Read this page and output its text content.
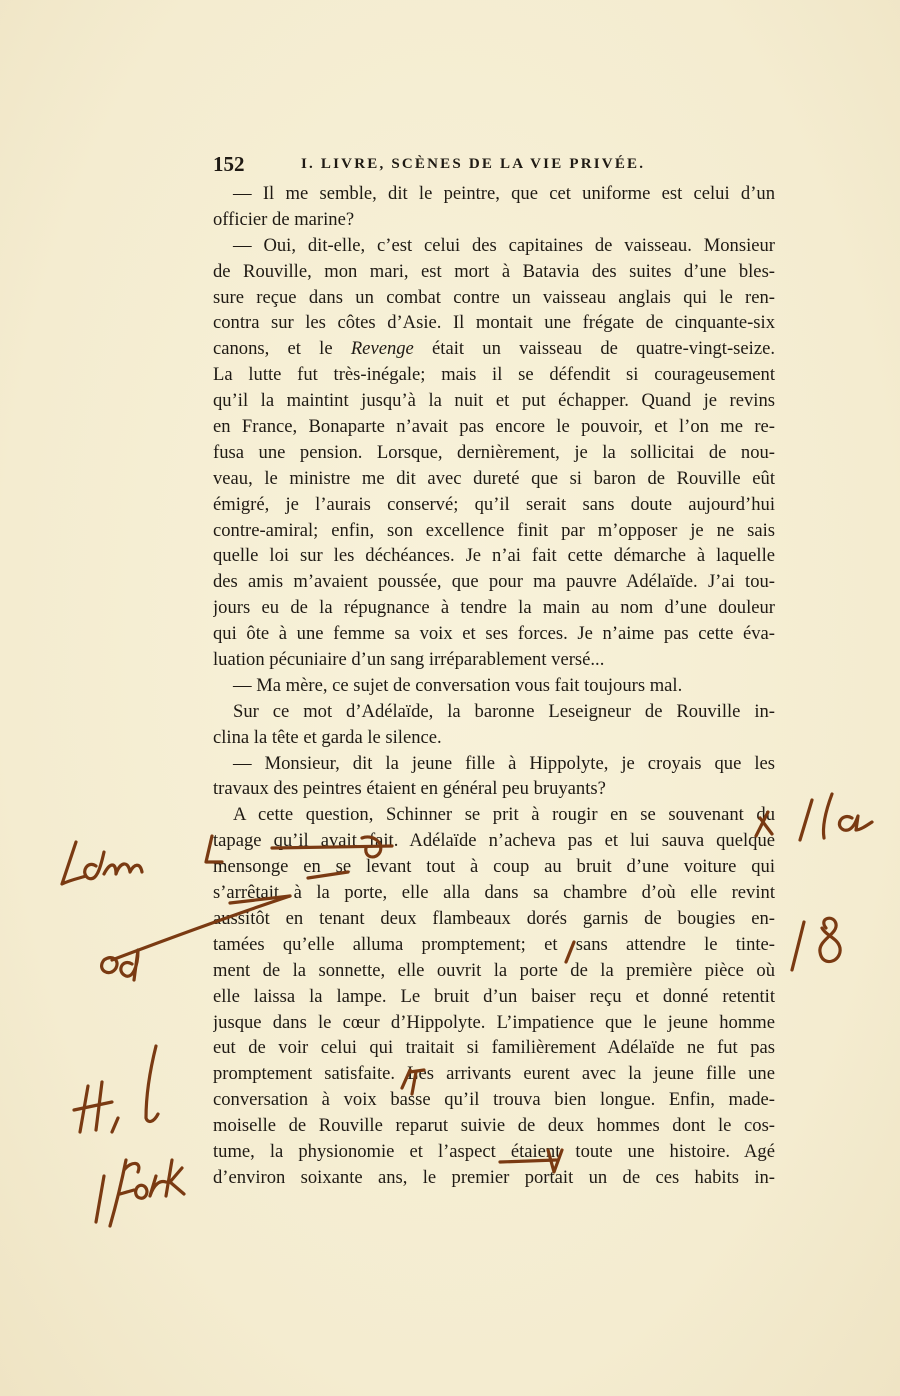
152	I. LIVRE, SCÈNES DE LA VIE PRIVÉE.
— Il me semble, dit le peintre, que cet uniforme est celui d’un
officier de marine?
— Oui, dit-elle, c’est celui des capitaines de vaisseau. Monsieur
de Rouville, mon mari, est mort à Batavia des suites d’une bles-
sure reçue dans un combat contre un vaisseau anglais qui le ren-
contra sur les côtes d’Asie. Il montait une frégate de cinquante-six
canons, et le Revenge était un vaisseau de quatre-vingt-seize.
La lutte fut très-inégale; mais il se défendit si courageusement
qu’il la maintint jusqu’à la nuit et put échapper. Quand je revins
en France, Bonaparte n’avait pas encore le pouvoir, et l’on me re-
fusa une pension. Lorsque, dernièrement, je la sollicitai de nou-
veau, le ministre me dit avec dureté que si baron de Rouville eût
émigré, je l’aurais conservé; qu’il serait sans doute aujourd’hui
contre-amiral; enfin, son excellence finit par m’opposer je ne sais
quelle loi sur les déchéances. Je n’ai fait cette démarche à laquelle
des amis m’avaient poussée, que pour ma pauvre Adélaïde. J’ai tou-
jours eu de la répugnance à tendre la main au nom d’une douleur
qui ôte à une femme sa voix et ses forces. Je n’aime pas cette éva-
luation pécuniaire d’un sang irréparablement versé...
— Ma mère, ce sujet de conversation vous fait toujours mal.
Sur ce mot d’Adélaïde, la baronne Leseigneur de Rouville in-
clina la tête et garda le silence.
— Monsieur, dit la jeune fille à Hippolyte, je croyais que les
travaux des peintres étaient en général peu bruyants?
A cette question, Schinner se prit à rougir en se souvenant du
tapage qu’il avait fait. Adélaïde n’acheva pas et lui sauva quelque
mensonge en se levant tout à coup au bruit d’une voiture qui
s’arrêtait à la porte, elle alla dans sa chambre d’où elle revint
aussitôt en tenant deux flambeaux dorés garnis de bougies en-
tamées qu’elle alluma promptement; et sans attendre le tinte-
ment de la sonnette, elle ouvrit la porte de la première pièce où
elle laissa la lampe. Le bruit d’un baiser reçu et donné retentit
jusque dans le cœur d’Hippolyte. L’impatience que le jeune homme
eut de voir celui qui traitait si familièrement Adélaïde ne fut pas
promptement satisfaite. Les arrivants eurent avec la jeune fille une
conversation à voix basse qu’il trouva bien longue. Enfin, made-
moiselle de Rouville reparut suivie de deux hommes dont le cos-
tume, la physionomie et l’aspect étaient toute une histoire. Agé
d’environ soixante ans, le premier portait un de ces habits in-
